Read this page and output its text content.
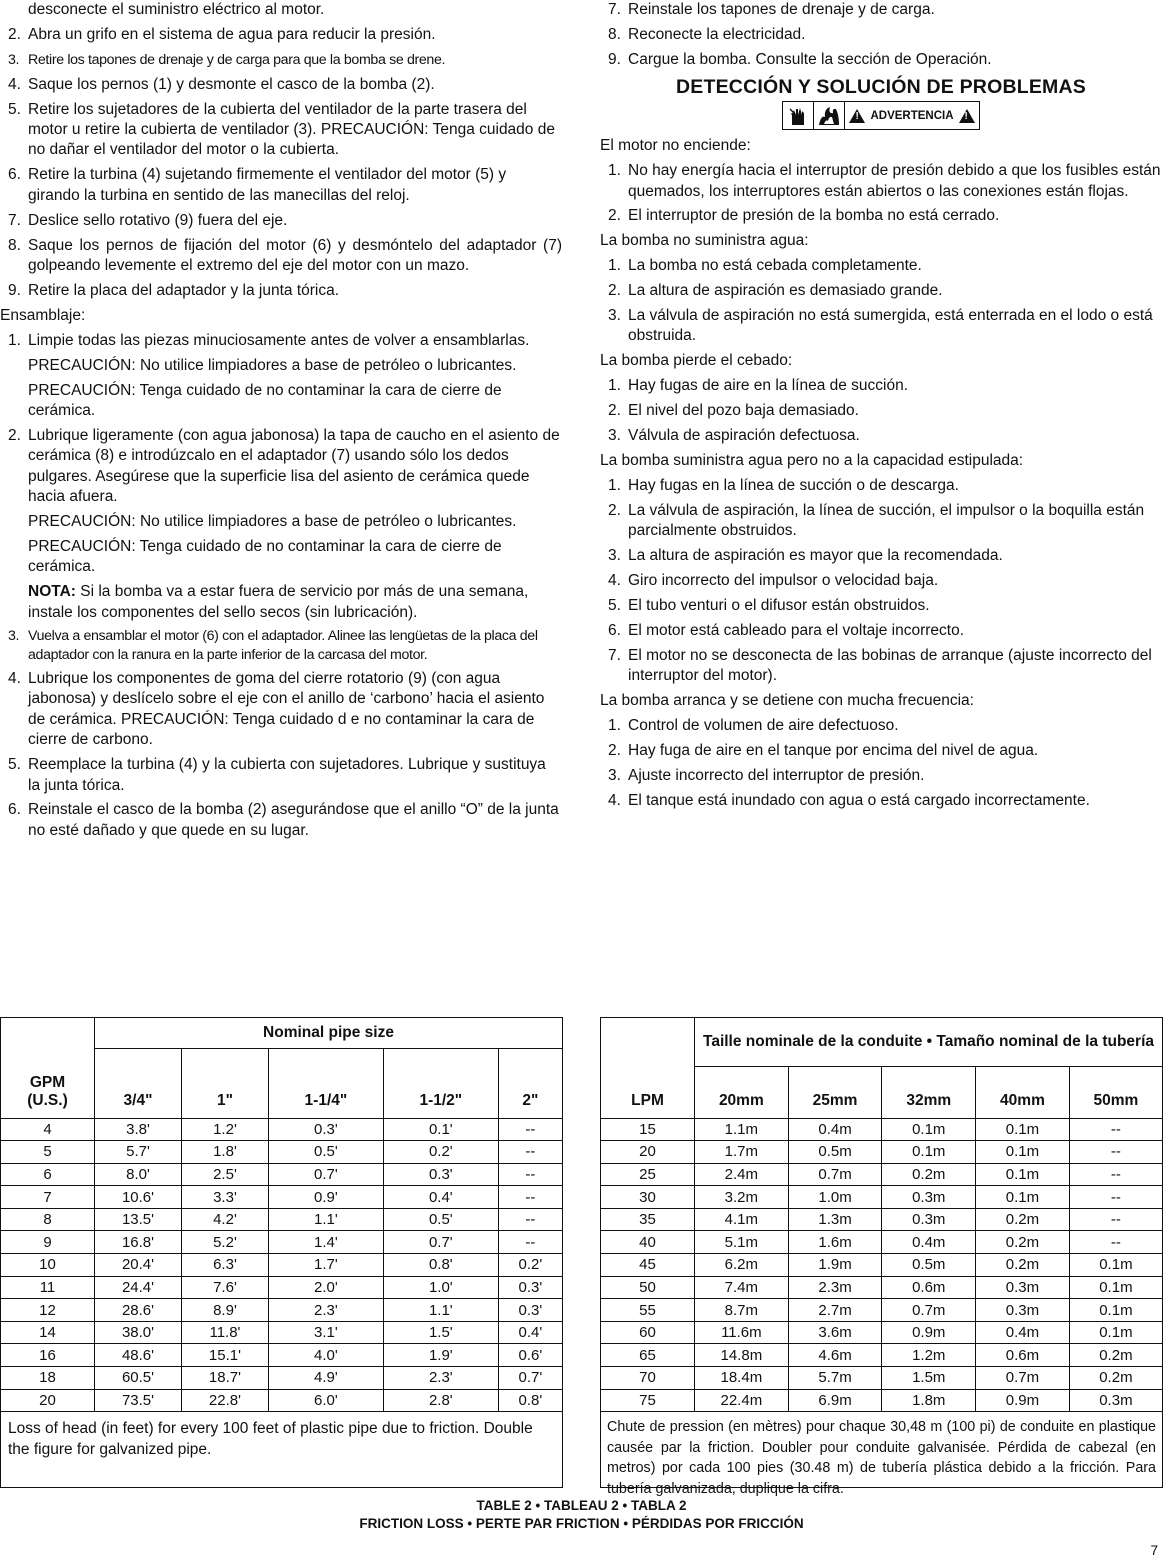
desconecte el suministro eléctrico al motor.
2. Abra un grifo en el sistema de agua para reducir la presión.
3. Retire los tapones de drenaje y de carga para que la bomba se drene.
4. Saque los pernos (1) y desmonte el casco de la bomba (2).
5. Retire los sujetadores de la cubierta del ventilador de la parte trasera del motor u retire la cubierta de ventilador (3). PRECAUCIÓN: Tenga cuidado de no dañar el ventilador del motor o la cubierta.
6. Retire la turbina (4) sujetando firmemente el ventilador del motor (5) y girando la turbina en sentido de las manecillas del reloj.
7. Deslice sello rotativo (9) fuera del eje.
8. Saque los pernos de fijación del motor (6) y desmóntelo del adaptador (7) golpeando levemente el extremo del eje del motor con un mazo.
9. Retire la placa del adaptador y la junta tórica.
Ensamblaje:
1. Limpie todas las piezas minuciosamente antes de volver a ensamblarlas.
PRECAUCIÓN: No utilice limpiadores a base de petróleo o lubricantes.
PRECAUCIÓN: Tenga cuidado de no contaminar la cara de cierre de cerámica.
2. Lubrique ligeramente (con agua jabonosa) la tapa de caucho en el asiento de cerámica (8) e introdúzcalo en el adaptador (7) usando sólo los dedos pulgares. Asegúrese que la superficie lisa del asiento de cerámica quede hacia afuera.
PRECAUCIÓN: No utilice limpiadores a base de petróleo o lubricantes.
PRECAUCIÓN: Tenga cuidado de no contaminar la cara de cierre de cerámica.
NOTA: Si la bomba va a estar fuera de servicio por más de una semana, instale los componentes del sello secos (sin lubricación).
3. Vuelva a ensamblar el motor (6) con el adaptador. Alinee las lengüetas de la placa del adaptador con la ranura en la parte inferior de la carcasa del motor.
4. Lubrique los componentes de goma del cierre rotatorio (9) (con agua jabonosa) y deslícelo sobre el eje con el anillo de ‘carbono’ hacia el asiento de cerámica. PRECAUCIÓN: Tenga cuidado d e no contaminar la cara de cierre de carbono.
5. Reemplace la turbina (4) y la cubierta con sujetadores. Lubrique y sustituya la junta tórica.
6. Reinstale el casco de la bomba (2) asegurándose que el anillo “O” de la junta no esté dañado y que quede en su lugar.
7. Reinstale los tapones de drenaje y de carga.
8. Reconecte la electricidad.
9. Cargue la bomba. Consulte la sección de Operación.
DETECCIÓN Y SOLUCIÓN DE PROBLEMAS
!
ADVERTENCIA
!
El motor no enciende:
1. No hay energía hacia el interruptor de presión debido a que los fusibles están quemados, los interruptores están abiertos o las conexiones están flojas.
2. El interruptor de presión de la bomba no está cerrado.
La bomba no suministra agua:
1. La bomba no está cebada completamente.
2. La altura de aspiración es demasiado grande.
3. La válvula de aspiración no está sumergida, está enterrada en el lodo o está obstruida.
La bomba pierde el cebado:
1. Hay fugas de aire en la línea de succión.
2. El nivel del pozo baja demasiado.
3. Válvula de aspiración defectuosa.
La bomba suministra agua pero no a la capacidad estipulada:
1. Hay fugas en la línea de succión o de descarga.
2. La válvula de aspiración, la línea de succión, el impulsor o la boquilla están parcialmente obstruidos.
3. La altura de aspiración es mayor que la recomendada.
4. Giro incorrecto del impulsor o velocidad baja.
5. El tubo venturi o el difusor están obstruidos.
6. El motor está cableado para el voltaje incorrecto.
7. El motor no se desconecta de las bobinas de arranque (ajuste incorrecto del interruptor del motor).
La bomba arranca y se detiene con mucha frecuencia:
1. Control de volumen de aire defectuoso.
2. Hay fuga de aire en el tanque por encima del nivel de agua.
3. Ajuste incorrecto del interruptor de presión.
4. El tanque está inundado con agua o está cargado incorrectamente.
GPM
(U.S.)	Nominal pipe size				
	3/4"	1"	1-1/4"	1-1/2"	2"
4	3.8'	1.2'	0.3'	0.1'	--
5	5.7'	1.8'	0.5'	0.2'	--
6	8.0'	2.5'	0.7'	0.3'	--
7	10.6'	3.3'	0.9'	0.4'	--
8	13.5'	4.2'	1.1'	0.5'	--
9	16.8'	5.2'	1.4'	0.7'	--
10	20.4'	6.3'	1.7'	0.8'	0.2'
11	24.4'	7.6'	2.0'	1.0'	0.3'
12	28.6'	8.9'	2.3'	1.1'	0.3'
14	38.0'	11.8'	3.1'	1.5'	0.4'
16	48.6'	15.1'	4.0'	1.9'	0.6'
18	60.5'	18.7'	4.9'	2.3'	0.7'
20	73.5'	22.8'	6.0'	2.8'	0.8'
Loss of head (in feet) for every 100 feet of plastic pipe due to friction. Double the figure for galvanized pipe.
LPM	Taille nominale de la conduite • Tamaño nominal de la tubería				
	20mm	25mm	32mm	40mm	50mm
15	1.1m	0.4m	0.1m	0.1m	--
20	1.7m	0.5m	0.1m	0.1m	--
25	2.4m	0.7m	0.2m	0.1m	--
30	3.2m	1.0m	0.3m	0.1m	--
35	4.1m	1.3m	0.3m	0.2m	--
40	5.1m	1.6m	0.4m	0.2m	--
45	6.2m	1.9m	0.5m	0.2m	0.1m
50	7.4m	2.3m	0.6m	0.3m	0.1m
55	8.7m	2.7m	0.7m	0.3m	0.1m
60	11.6m	3.6m	0.9m	0.4m	0.1m
65	14.8m	4.6m	1.2m	0.6m	0.2m
70	18.4m	5.7m	1.5m	0.7m	0.2m
75	22.4m	6.9m	1.8m	0.9m	0.3m
Chute de pression (en mètres) pour chaque 30,48 m (100 pi) de conduite en plastique causée par la friction. Doubler pour conduite galvanisée. Pérdida de cabezal (en metros) por cada 100 pies (30.48 m) de tubería plástica debido a la fricción. Para tubería galvanizada, duplique la cifra.
TABLE 2 • TABLEAU 2 • TABLA 2
FRICTION LOSS • PERTE PAR FRICTION • PÉRDIDAS POR FRICCIÓN
7
